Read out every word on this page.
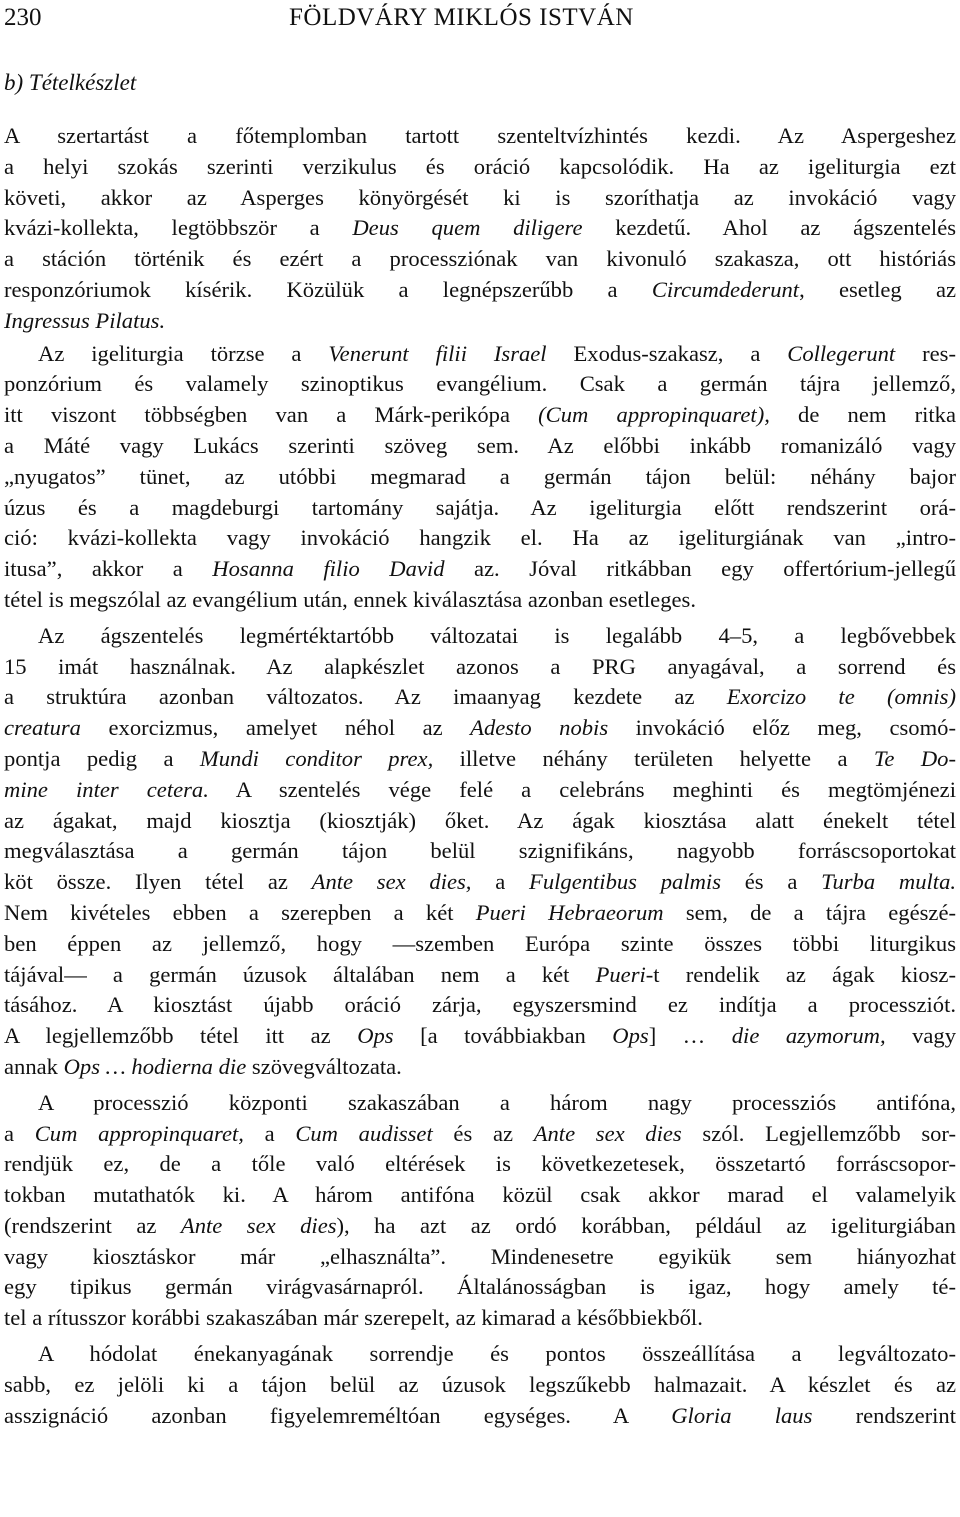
230	FÖLDVÁRY MIKLÓS ISTVÁN
b) Tételkészlet
A szertartást a főtemplomban tartott szenteltvízhintés kezdi. Az Aspergeshez
a helyi szokás szerinti verzikulus és oráció kapcsolódik. Ha az igeliturgia ezt
követi, akkor az Asperges könyörgését ki is szoríthatja az invokáció vagy
kvázi-kollekta, legtöbbször a Deus quem diligere kezdetű. Ahol az ágszentelés
a stáción történik és ezért a processziónak van kivonuló szakasza, ott históriás
responzóriumok kísérik. Közülük a legnépszerűbb a Circumdederunt, esetleg az
Ingressus Pilatus.
Az igeliturgia törzse a Venerunt filii Israel Exodus-szakasz, a Collegerunt res-
ponzórium és valamely szinoptikus evangélium. Csak a germán tájra jellemző,
itt viszont többségben van a Márk-perikópa (Cum appropinquaret), de nem ritka
a Máté vagy Lukács szerinti szöveg sem. Az előbbi inkább romanizáló vagy
„nyugatos” tünet, az utóbbi megmarad a germán tájon belül: néhány bajor
úzus és a magdeburgi tartomány sajátja. Az igeliturgia előtt rendszerint orá-
ció: kvázi-kollekta vagy invokáció hangzik el. Ha az igeliturgiának van „intro-
itusa”, akkor a Hosanna filio David az. Jóval ritkábban egy offertórium-jellegű
tétel is megszólal az evangélium után, ennek kiválasztása azonban esetleges.
Az ágszentelés legmértéktartóbb változatai is legalább 4–5, a legbővebbek
15 imát használnak. Az alapkészlet azonos a PRG anyagával, a sorrend és
a struktúra azonban változatos. Az imaanyag kezdete az Exorcizo te (omnis)
creatura exorcizmus, amelyet néhol az Adesto nobis invokáció előz meg, csomó-
pontja pedig a Mundi conditor prex, illetve néhány területen helyette a Te Do-
mine inter cetera. A szentelés vége felé a celebráns meghinti és megtömjénezi
az ágakat, majd kiosztja (kiosztják) őket. Az ágak kiosztása alatt énekelt tétel
megválasztása a germán tájon belül szignifikáns, nagyobb forráscsoportokat
köt össze. Ilyen tétel az Ante sex dies, a Fulgentibus palmis és a Turba multa.
Nem kivételes ebben a szerepben a két Pueri Hebraeorum sem, de a tájra egészé-
ben éppen az jellemző, hogy —szemben Európa szinte összes többi liturgikus
tájával— a germán úzusok általában nem a két Pueri-t rendelik az ágak kiosz-
tásához. A kiosztást újabb oráció zárja, egyszersmind ez indítja a processziót.
A legjellemzőbb tétel itt az Ops [a továbbiakban Ops] … die azymorum, vagy
annak Ops … hodierna die szövegváltozata.
A processzió központi szakaszában a három nagy processziós antifóna,
a Cum appropinquaret, a Cum audisset és az Ante sex dies szól. Legjellemzőbb sor-
rendjük ez, de a tőle való eltérések is következetesek, összetartó forráscsopor-
tokban mutathatók ki. A három antifóna közül csak akkor marad el valamelyik
(rendszerint az Ante sex dies), ha azt az ordó korábban, például az igeliturgiában
vagy kiosztáskor már „elhasználta”. Mindenesetre egyikük sem hiányozhat
egy tipikus germán virágvasárnapról. Általánosságban is igaz, hogy amely té-
tel a rítusszor korábbi szakaszában már szerepelt, az kimarad a későbbiekből.
A hódolat énekanyagának sorrendje és pontos összeállítása a legváltozato-
sabb, ez jelöli ki a tájon belül az úzusok legszűkebb halmazait. A készlet és az
asszignáció azonban figyelemreméltóan egységes. A Gloria laus rendszerint
